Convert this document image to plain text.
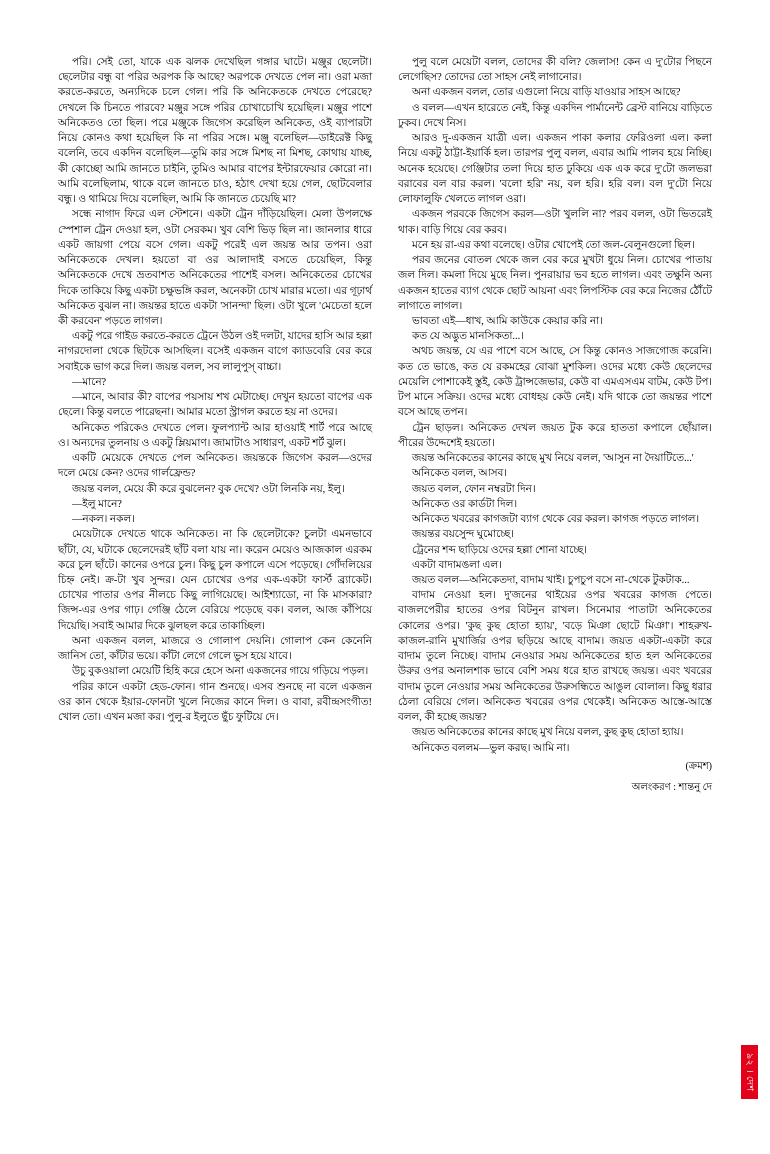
পরি। সেই তো, যাকে এক ঝলক দেখেছিল গঙ্গার ঘাটে। মঞ্জুর ছেলেটা। ছেলেটার বন্ধু বা পরির অরপক কি আছে? অরপকে দেখতে পেল না। ওরা মজা করতে-করতে, অন্যদিকে চলে গেল। পরি কি অনিকেতকে দেখতে পেরেছে? দেখলে কি চিনতে পারবে? মঞ্জুর সঙ্গে পরির চোখাচোখি হয়েছিল। মঞ্জুর পাশে অনিকেতও তো ছিল। পরে মঞ্জুকে জিগেস করেছিল অনিকেত, ওই ব্যাপারটা নিয়ে কোনও কথা হয়েছিল কি না পরির সঙ্গে। মঞ্জু বলেছিল—ডাইরেক্ট কিছু বলেনি, তবে একদিন বলেছিল—তুমি কার সঙ্গে মিশছ না মিশছ, কোথায় যাচ্ছ, কী কোচ্ছো আমি জানতে চাইনি, তুমিও আমার বাপের ইন্টারফেয়ার কোরো না। আমি বলেছিলাম, থাকে বলে জানতে চাও, হঠাৎ দেখা হয়ে গেল, ছোটবেলার বন্ধু। ও থামিয়ে দিয়ে বলেছিল, আমি কি জানতে চেয়েছি মা?

সন্ধে নাগাদ ফিরে এল স্টেশনে। একটা ট্রেন দাঁড়িয়েছিল। মেলা উপলক্ষে স্পেশাল ট্রেন দেওয়া হল, ওটা সেরকম। খুব বেশি ভিড় ছিল না। জানলার ধারে একট জায়গা পেয়ে বসে গেল। একটু পরেই এল জয়ন্ত আর তপন। ওরা অনিকেতকে দেখল। হয়তো বা ওর আলাদাই বসতে চেয়েছিল, কিন্তু অনিকেতকে দেখে ভ্রতবাশত অনিকেতের পাশেই বসল। অনিকেতের চোখের দিকে তাকিয়ে কিছু একটা চক্ষুভঙ্গি করল, অনেকটা চোখ মারার মতো। এর গূঢ়ার্থ অনিকেত বুঝল না। জয়ন্তর হাতে একটা 'সানন্দা' ছিল। ওটা খুলে 'মেচেতা হলে কী করবেন' পড়তে লাগল।

একটু পরে গাইড করতে-করতে ট্রেনে উঠল ওই দলটা, যাদের হাসি আর হল্লা নাগরদোলা থেকে ছিটকে আসছিল। বসেই একজন বাগে ক্যাডবেরি বের করে সবাইকে ভাগ করে দিল। জয়ন্ত বলল, সব লালুপুস্ বাচ্চা।

—মানে?

—মানে, আবার কী? বাপের পয়সায় শখ মেটাচ্ছে। দেখুন হয়তো বাপের এক ছেলে। কিন্তু বলতে পারেছনা। আমার মতো স্ট্রাগল করতে হয় না ওদের।

অনিকেত পরিকেও দেখতে পেল। ফুলপ্যান্ট আর হাওয়াই শার্ট পরে আছে ও। অন্যদের তুলনায় ও একটু ম্লিয়মাণ। জামাটাও সাধারণ, একট শর্ট ঝুল।

একটি মেয়েকে দেখতে পেল অনিকেত। জয়ন্তকে জিগেস করল—ওদের দলে মেয়ে কেন? ওদের গার্লফ্রেন্ড?

জয়ন্ত বলল, মেয়ে কী করে বুঝলেন? বুক দেখে? ওটা লিনকি নয়, ইলু।

—ইলু মানে?

—নকল। নকল।

মেয়েটাকে দেখতে থাকে অনিকেত। না কি ছেলেটাকে? চুলটা এমনভাবে ছাঁটা, যে, ঘটাকে ছেলেদেরই ছাঁট বলা যায় না। করেন মেয়েও আজকাল এরকম করে চুল ছাঁটে। কানের ওপরে চুল। কিছু চুল কপালে এসে পড়েছে। গোঁদলিয়ের চিহ্ন নেই। ক্র-টা খুব সুন্দর। যেন চোখের ওপর এক-একটা ফার্স্ট ব্র্যাকেট। চোখের পাতার ওপর নীলচে কিছু লাগিয়েছে। আইশ্যাডো, না কি মাসকারা? জিন্স-এর ওপর গাঢ়। গেঞ্জি ঠেলে বেরিয়ে পড়েছে বক। বলল, আজ কাঁপিয়ে দিয়েছি। সবাই আমার দিকে ঝুলছল করে তাকাচ্ছিল।

অনা একজন বলল, মাজরে ও গোলাপ দেয়নি। গোলাপ কেন কেনেনি জানিস তো, কাঁটার ভয়ে। কাঁটা লেগে গেলে ভুস হয়ে যাবে।

উচু বুকওয়ালা মেয়েটি হিহি করে হেসে অনা একজনের গায়ে গড়িয়ে পড়ল।

পরির কানে একটা হেড-ফোন। গান শুনছে। এসব শুনছে না বলে একজন ওর কান থেকে ইয়ার-ফোনটা খুলে নিজের কানে দিল। ও বাবা, রবীন্দ্রসংগীত! খোল তো। এখন মজা কর। পুলু-র ইলুতে ছুঁচ ফুটিয়ে দে।

পুলু বলে মেয়েটা বলল, তোদের কী বলি? জেলাস! কেন এ দু'টোর পিছনে লেগেছিস? তোদের তো সাহস নেই লাগানোর।

অনা একজন বলল, তোর এগুলো নিয়ে বাড়ি যাওয়ার সাহস আছে?

ও বলল—এখন হারেতে নেই, কিন্তু একদিন পার্মানেন্ট ব্রেস্ট বানিয়ে বাড়িতে ঢুকব। দেখে নিস।

আরও দু-একজন যাত্রী এল। একজন পাকা কলার ফেরিওলা এল। কলা নিয়ে একটু ঠাট্টা-ইয়ার্কি হল। তারপর পুলু বলল, এবার আমি পালব হয়ে নিচ্ছি। অনেক হয়েছে। গেঞ্জিটার তলা দিয়ে হাত ঢুকিয়ে এক এক করে দু'টো জলভরা বরাবের বল বার করল। 'বলো হরি' নয়, বল হরি। হরি বল। বল দু'টো নিয়ে লোফালুফি খেলতে লাগল ওরা।

একজন পরবকে জিগেস করল—ওটা খুললি না? পরব বলল, ওটা ভিতরেই থাক। বাড়ি গিয়ে বের করব।

মনে হয় রা-এর কথা বলেছে। ওটার খোপেই তো জল-বেলুনগুলো ছিল।

পরব জনের বোতল থেকে জল বের করে মুখটা ধুয়ে নিল। চোখের পাতায় জল দিল। কমলা দিয়ে মুছে নিল। পুনরায়ার ভব হতে লাগল। এবং তক্ষুনি অন্য একজন হাতের ব্যাগ থেকে ছোট আয়না এবং লিপস্টিক বের করে নিজের ঠৌঁটে লাগাতে লাগল।

ভাবতা এই—ধাখ, আমি কাউকে কেয়ার করি না।

কত যে অদ্ভুত মানসিকতা...।

অথচ জয়ন্ত, যে এর পাশে বসে আছে, সে কিন্তু কোনও সাজগোজ করেনি। কত তে ভাঙে, কত যে রকমহের বোঝা মুশকিল। ওদের মধ্যে কেউ ছেলেদের মেয়েলি পোশাকেই স্তুই, কেউ ট্রান্সজেভার, কেউ বা এমএসএম বাটম, কেউ টপ। টপ মানে সক্রিয়। ওদের মধ্যে বোধহয় কেউ নেই। যদি থাকে তো জয়ন্তর পাশে বসে আছে তপন।

ট্রেন ছাড়ল। অনিকেত দেখল জয়ত টুক করে হাততা কপালে ছোঁয়াল। পীরের উদ্দেশেই হয়তো।

জয়ন্ত অনিকেতের কানের কাছে মুখ নিয়ে বলল, 'আসুন না দৈয়াটিতে...'

অনিকেত বলল, আসব।

জয়ত বলল, ফোন নম্বরটা দিন।

অনিকেত ওর কার্ডটা দিল।

অনিকেত খবরের কাগজটা ব্যাগ থেকে বের করল। কাগজ পড়তে লাগল।

জয়ন্তর বয়সেুন্দ ঘুমোচ্ছে।

ট্রেনের শব্দ ছাড়িয়ে ওদের হল্লা শোনা যাচ্ছে।

একটা বাদামঙলা এল।

জয়ত বলল—অনিকেতদা, বাদাম খাই। চুপচুপ বসে না-থেকে টুকটাক...

বাদাম নেওয়া হল। দু'জনের থাইয়ের ওপর খবরের কাগজ পেতে। বাজলপেরীর হাতের ওপর বিটনুন রাখল। সিনেমার পাতাটা অনিকেতের কোলের ওপর। 'কুছ কুছ হোতা হ্যায়', 'বড়ে মিঞা ছোটে মিঞা'। শাহরুখ-কাজল-রানি মুখার্জির ওপর ছড়িয়ে আছে বাদাম। জয়ত একটা-একটা করে বাদাম তুলে নিচ্ছে। বাদাম নেওয়ার সময় অনিকেতের হাত হল অনিকেতের উরুর ওপর অনালশাক ভাবে বেশি সময় ধরে হাত রাখছে জয়ন্ত। এবং খবরের বাদাম তুলে নেওয়ার সময় অনিকেতের উরুসন্ধিতে আঙুল বোলাল। কিছু ধরার ঠেলা বেরিয়ে গেল। অনিকেত খবরের ওপর থেকেই। অনিকেত আস্তে-আস্তে বলল, কী হচ্ছে জয়ন্ত?

জয়ত অনিকেতের কানের কাছে মুখ নিয়ে বলল, কুছ কুছ হোতা হ্যায়।

অনিকেত বললম—ভুল করছ। আমি না।

(ক্রমশ)
অলংকরণ : শান্তনু দে
৯২ । দেশ
